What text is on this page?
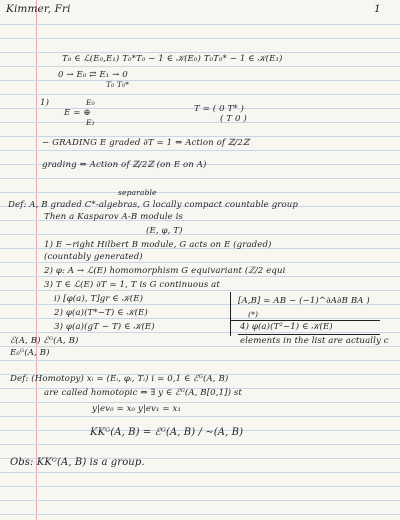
Kimmer, Fri	1
T₀ ∈ ℒ(E₀,E₁) T₀*T₀ − 1 ∈ 𝒦(E₀) T₀T₀* − 1 ∈ 𝒦(E₁)
0 → E₀ ⇄ E₁ → 0
T₀ T₀*
1)	E₀
E = ⊕	T = ( 0 T* )
( T 0 )
E₁
− GRADING E graded ∂T = 1 ⇔ Action of ℤ/2ℤ
grading ⇔ Action of ℤ/2ℤ (on E on A)
separable
Def: A, B graded C*-algebras, G locally compact countable group
Then a Kasparov A-B module is
(E, φ, T)
1) E −right Hilbert B module, G acts on E (graded)
(countably generated)
2) φ: A → ℒ(E) homomorphism G equivariant (ℤ/2 equi
3) T ∈ ℒ(E) ∂T = 1, T is G continuous at
i) [φ(a), T]gr ∈ 𝒦(E)	[A,B] = AB − (−1)^∂A∂B BA )
2) φ(a)(T*−T) ∈ 𝒦(E)	(*)
3) φ(a)(gT − T) ∈ 𝒦(E)	4) φ(a)(T²−1) ∈ 𝒦(E)
ℰ(A, B) ℰᴳ(A, B)	elements in the list are actually c
E₀ᴳ(A, B)
Def: (Homotopy) xᵢ = (Eᵢ, φᵢ, Tᵢ) i = 0,1 ∈ ℰᴳ(A, B)
are called homotopic ⇔ ∃ y ∈ ℰᴳ(A, B[0,1]) st
y|ev₀ = x₀ y|ev₁ = x₁
KKᴳ(A, B) = ℰᴳ(A, B) / ∼(A, B)
Obs: KKᴳ(A, B) is a group.
